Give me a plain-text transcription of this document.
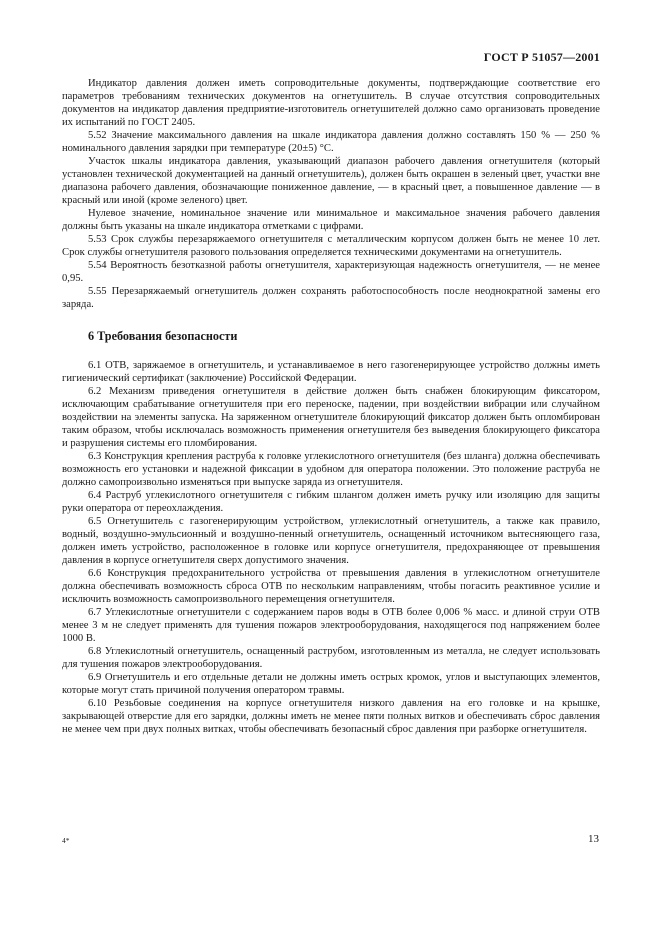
ГОСТ Р 51057—2001

Индикатор давления должен иметь сопроводительные документы, подтверждающие соответствие его параметров требованиям технических документов на огнетушитель. В случае отсутствия сопроводительных документов на индикатор давления предприятие-изготовитель огнетушителей должно само организовать проведение их испытаний по ГОСТ 2405.

5.52 Значение максимального давления на шкале индикатора давления должно составлять 150 % — 250 % номинального давления зарядки при температуре (20±5) °С.

Участок шкалы индикатора давления, указывающий диапазон рабочего давления огнетушителя (который установлен технической документацией на данный огнетушитель), должен быть окрашен в зеленый цвет, участки вне диапазона рабочего давления, обозначающие пониженное давление, — в красный цвет, а повышенное давление — в красный или иной (кроме зеленого) цвет.

Нулевое значение, номинальное значение или минимальное и максимальное значения рабочего давления должны быть указаны на шкале индикатора отметками с цифрами.

5.53 Срок службы перезаряжаемого огнетушителя с металлическим корпусом должен быть не менее 10 лет. Срок службы огнетушителя разового пользования определяется техническими документами на огнетушитель.

5.54 Вероятность безотказной работы огнетушителя, характеризующая надежность огнетушителя, — не менее 0,95.

5.55 Перезаряжаемый огнетушитель должен сохранять работоспособность после неоднократной замены его заряда.

6 Требования безопасности

6.1 ОТВ, заряжаемое в огнетушитель, и устанавливаемое в него газогенерирующее устройство должны иметь гигиенический сертификат (заключение) Российской Федерации.

6.2 Механизм приведения огнетушителя в действие должен быть снабжен блокирующим фиксатором, исключающим срабатывание огнетушителя при его переноске, падении, при воздействии вибрации или случайном воздействии на элементы запуска. На заряженном огнетушителе блокирующий фиксатор должен быть опломбирован таким образом, чтобы исключалась возможность применения огнетушителя без выведения блокирующего фиксатора и разрушения системы его пломбирования.

6.3 Конструкция крепления раструба к головке углекислотного огнетушителя (без шланга) должна обеспечивать возможность его установки и надежной фиксации в удобном для оператора положении. Это положение раструба не должно самопроизвольно изменяться при выпуске заряда из огнетушителя.

6.4 Раструб углекислотного огнетушителя с гибким шлангом должен иметь ручку или изоляцию для защиты руки оператора от переохлаждения.

6.5 Огнетушитель с газогенерирующим устройством, углекислотный огнетушитель, а также как правило, водный, воздушно-эмульсионный и воздушно-пенный огнетушитель, оснащенный источником вытесняющего газа, должен иметь устройство, расположенное в головке или корпусе огнетушителя, предохраняющее от превышения давления в корпусе огнетушителя сверх допустимого значения.

6.6 Конструкция предохранительного устройства от превышения давления в углекислотном огнетушителе должна обеспечивать возможность сброса ОТВ по нескольким направлениям, чтобы погасить реактивное усилие и исключить возможность самопроизвольного перемещения огнетушителя.

6.7 Углекислотные огнетушители с содержанием паров воды в ОТВ более 0,006 % масс. и длиной струи ОТВ менее 3 м не следует применять для тушения пожаров электрооборудования, находящегося под напряжением более 1000 В.

6.8 Углекислотный огнетушитель, оснащенный раструбом, изготовленным из металла, не следует использовать для тушения пожаров электрооборудования.

6.9 Огнетушитель и его отдельные детали не должны иметь острых кромок, углов и выступающих элементов, которые могут стать причиной получения оператором травмы.

6.10 Резьбовые соединения на корпусе огнетушителя низкого давления на его головке и на крышке, закрывающей отверстие для его зарядки, должны иметь не менее пяти полных витков и обеспечивать сброс давления не менее чем при двух полных витках, чтобы обеспечивать безопасный сброс давления при разборке огнетушителя.

4*	13
